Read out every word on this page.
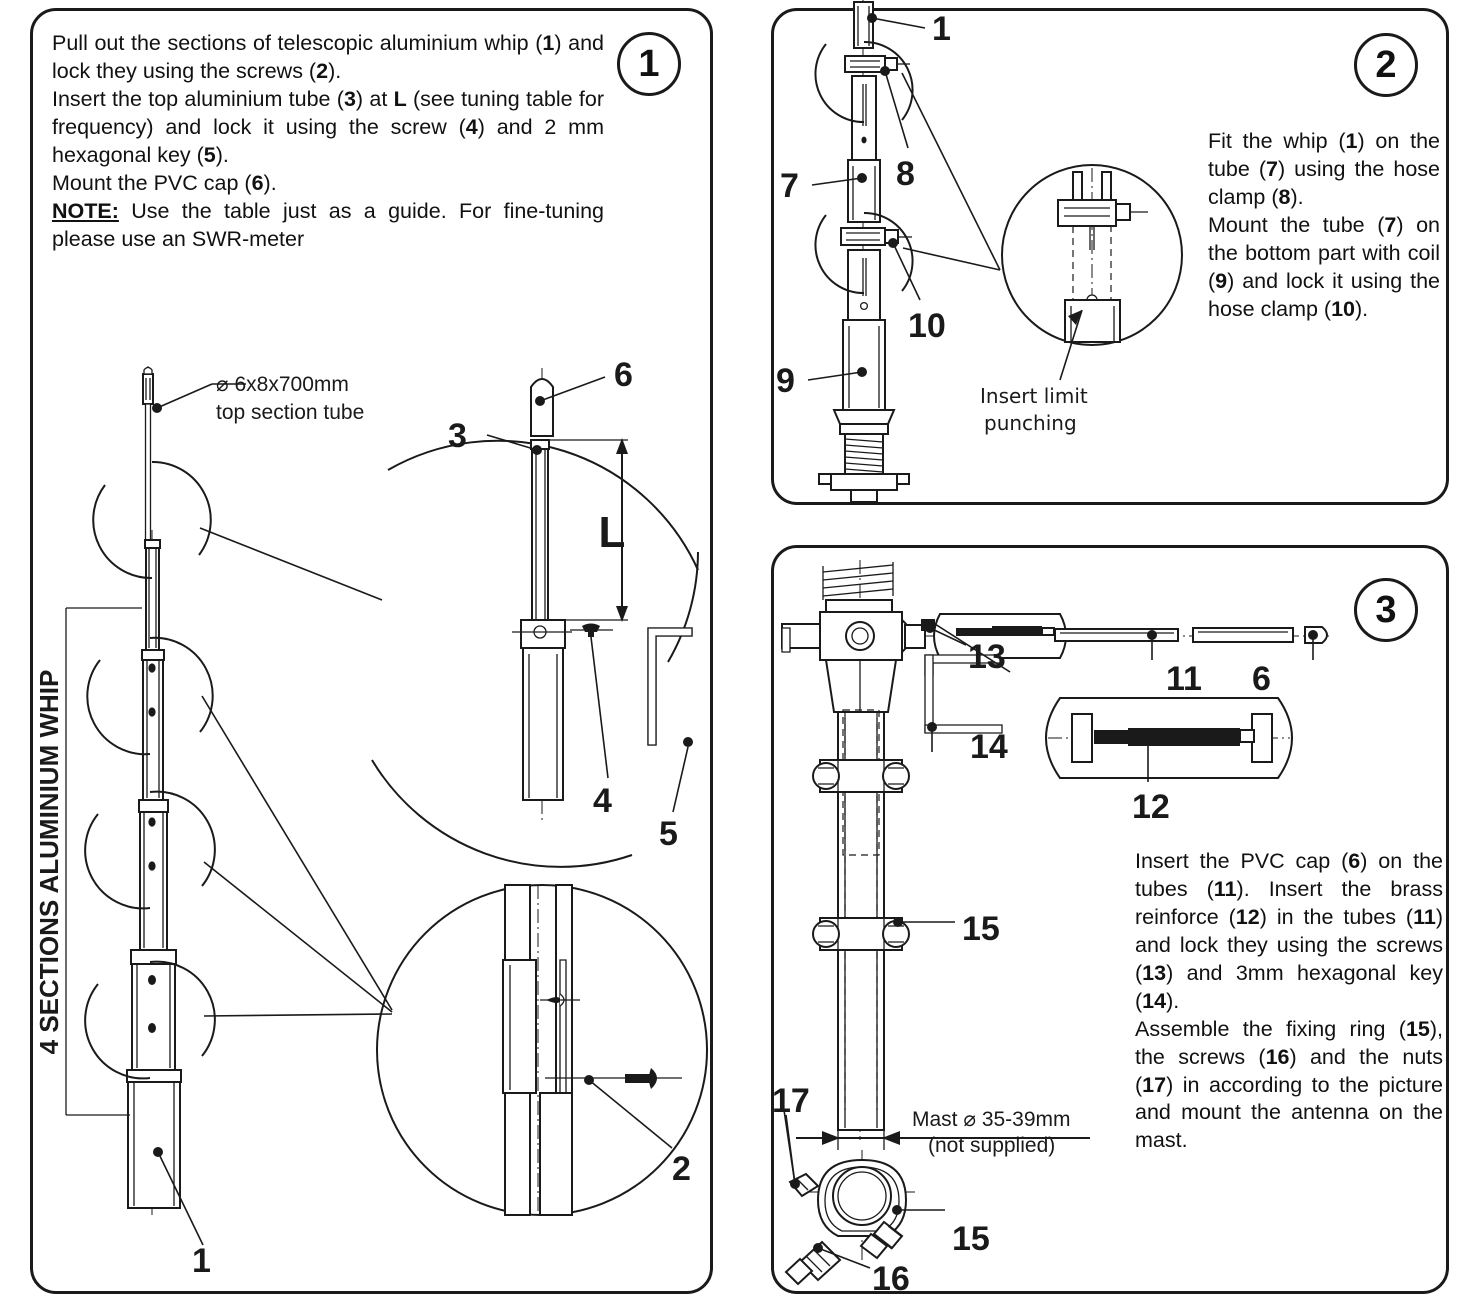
1

Pull out the sections of telescopic aluminium whip (1) and lock they using the screws (2).

Insert the top aluminium tube (3) at L (see tuning table for frequency) and lock it using the screw (4) and 2 mm hexagonal key (5).

Mount the PVC cap (6).

NOTE: Use the table just as a guide. For fine-tuning please use an SWR-meter

⌀ 6x8x700mm
top section tube
4 SECTIONS ALUMINIUM WHIP
L
6
3
4
5
2
1
2

Fit the whip (1) on the tube (7) using the hose clamp (8).

Mount the tube (7) on the bottom part with coil (9) and lock it using the hose clamp (10).

Insert limit
punching
1
7	8
9
10
3

Insert the PVC cap (6) on the tubes (11). Insert the brass reinforce (12) in the tubes (11) and lock they using the screws (13) and 3mm hexagonal key (14).

Assemble the fixing ring (15), the screws (16) and the nuts (17) in according to the picture and mount the antenna on the mast.

Mast ⌀ 35-39mm
(not supplied)
13
14
11 6
12
15
15
16
17
